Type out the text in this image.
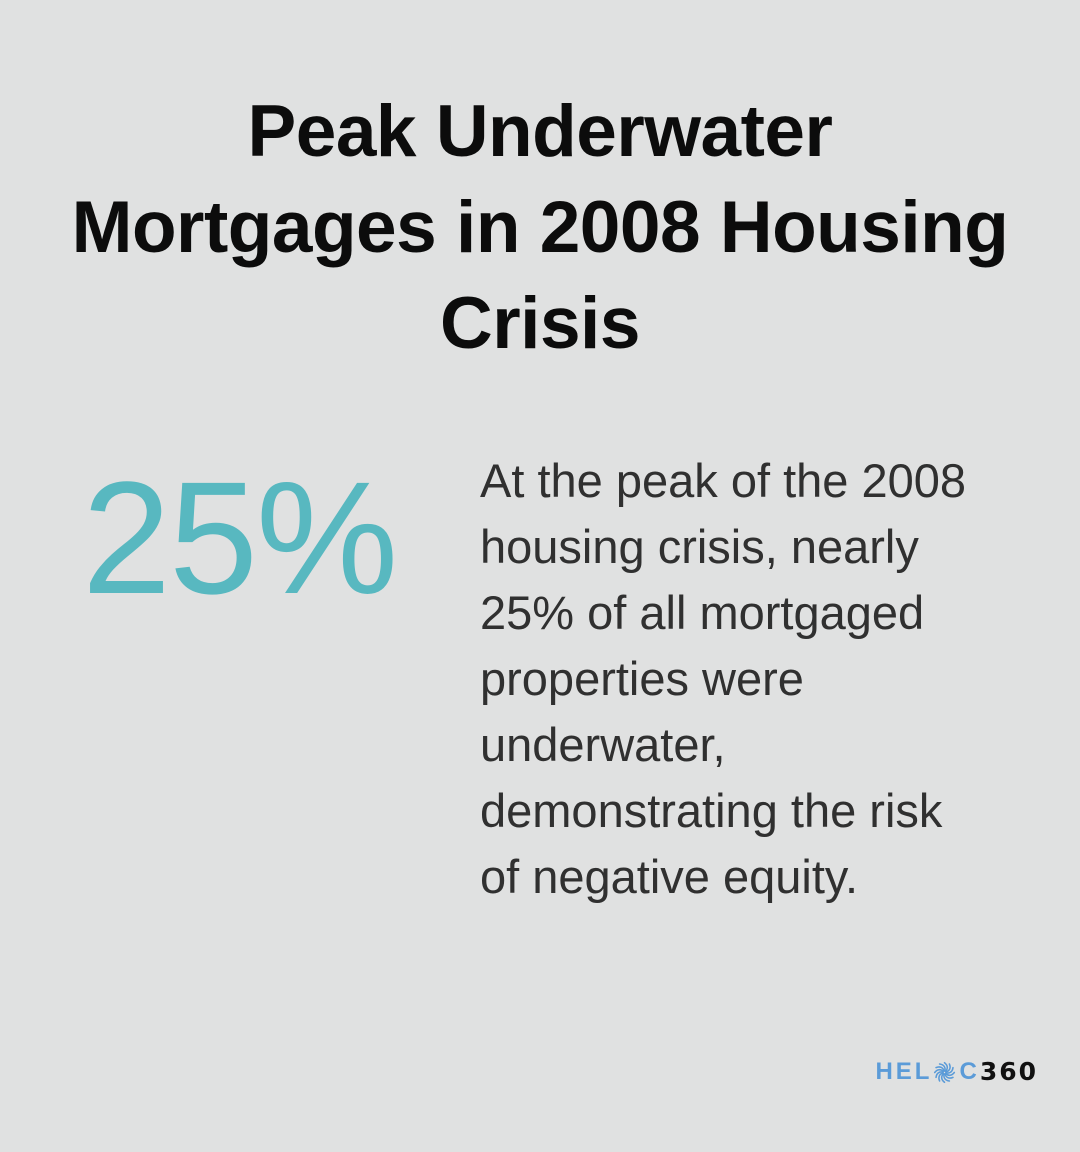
Peak Underwater
Mortgages in 2008 Housing
Crisis
25% At the peak of the 2008 housing crisis, nearly 25% of all mortgaged properties were underwater, demonstrating the risk of negative equity.

HEL C 360
